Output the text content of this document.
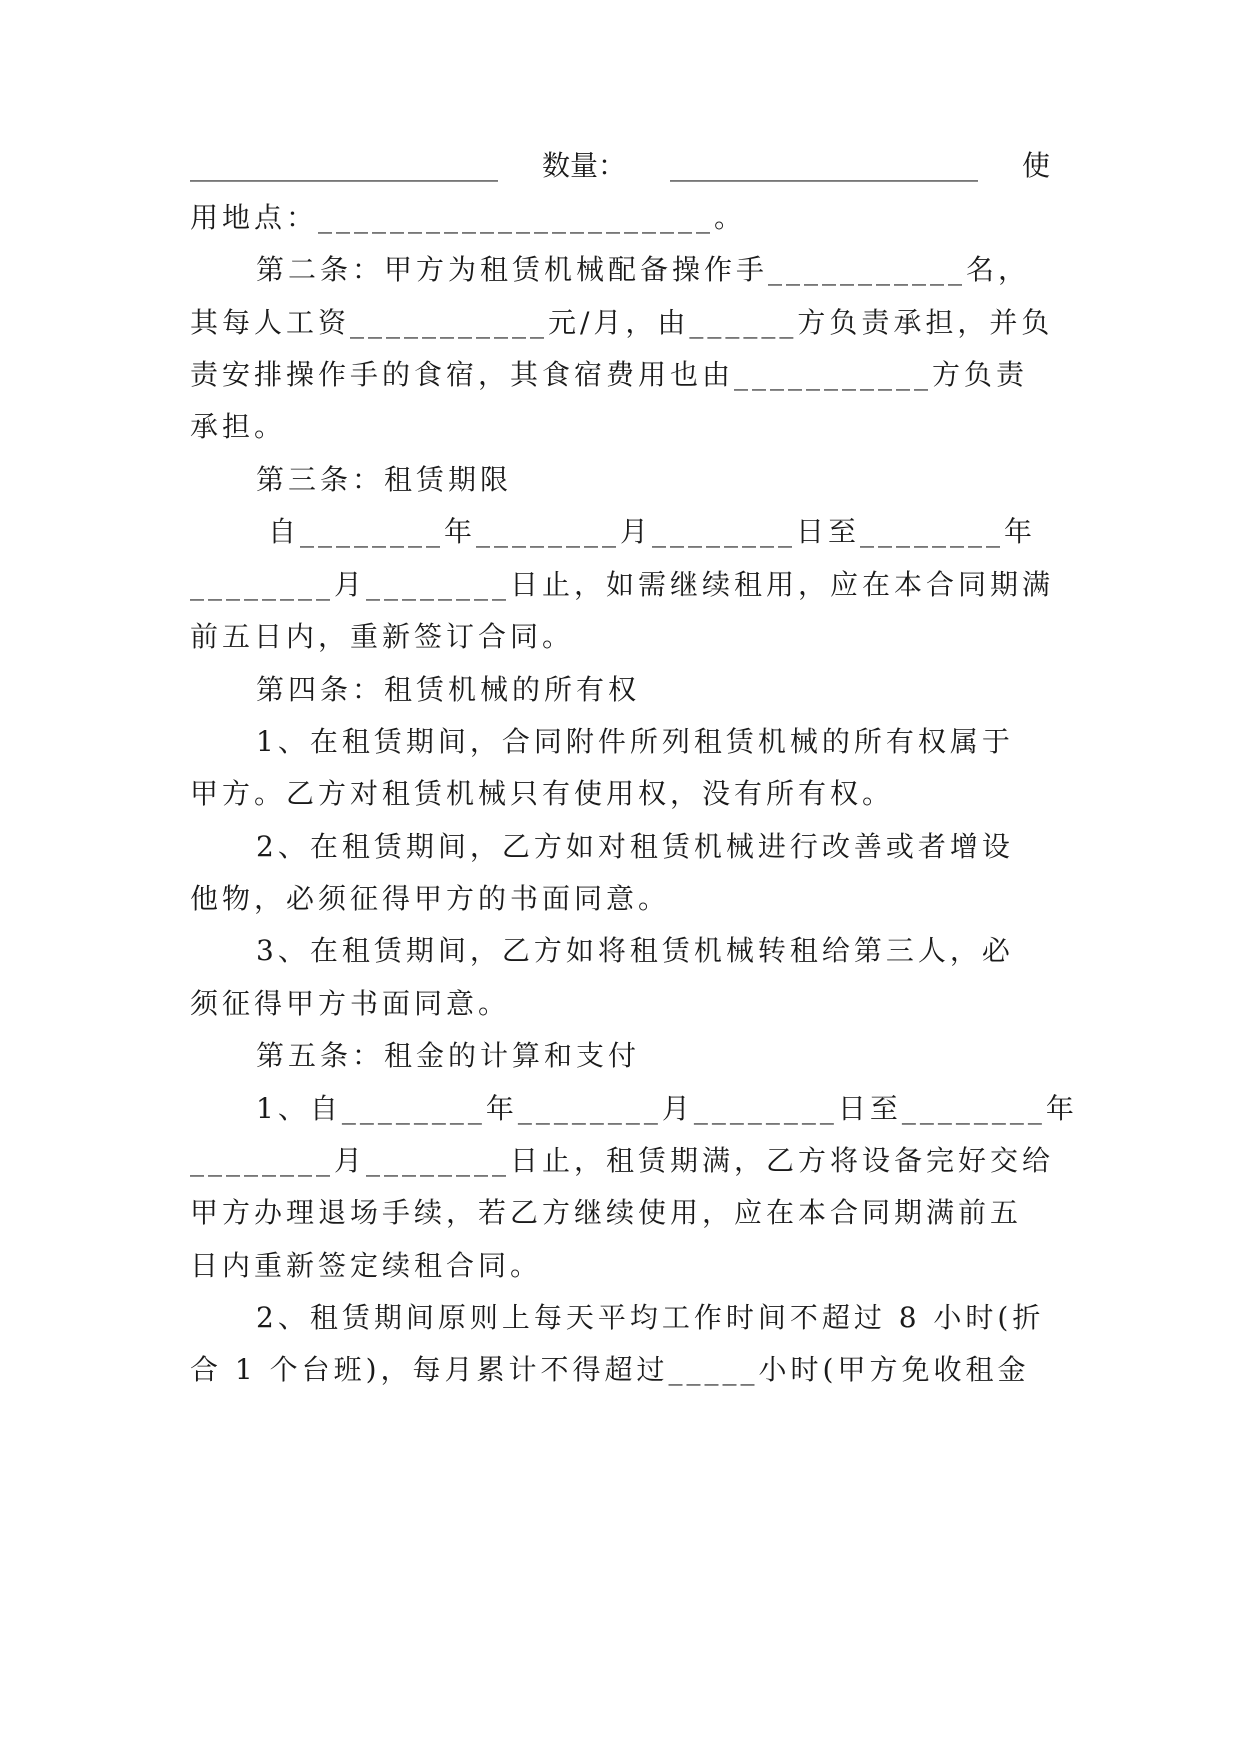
______________________ 数量： ______________________ 使
用地点：______________________。
第二条：甲方为租赁机械配备操作手___________名，
其每人工资___________元/月，由______方负责承担，并负
责安排操作手的食宿，其食宿费用也由___________方负责
承担。
第三条：租赁期限
自________年________月________日至________年
________月________日止，如需继续租用，应在本合同期满
前五日内，重新签订合同。
第四条：租赁机械的所有权
1、在租赁期间，合同附件所列租赁机械的所有权属于
甲方。乙方对租赁机械只有使用权，没有所有权。
2、在租赁期间，乙方如对租赁机械进行改善或者增设
他物，必须征得甲方的书面同意。
3、在租赁期间，乙方如将租赁机械转租给第三人，必
须征得甲方书面同意。
第五条：租金的计算和支付
1、自________年________月________日至________年
________月________日止，租赁期满，乙方将设备完好交给
甲方办理退场手续，若乙方继续使用，应在本合同期满前五
日内重新签定续租合同。
2、租赁期间原则上每天平均工作时间不超过 8 小时(折
合 1 个台班)，每月累计不得超过_____小时(甲方免收租金
